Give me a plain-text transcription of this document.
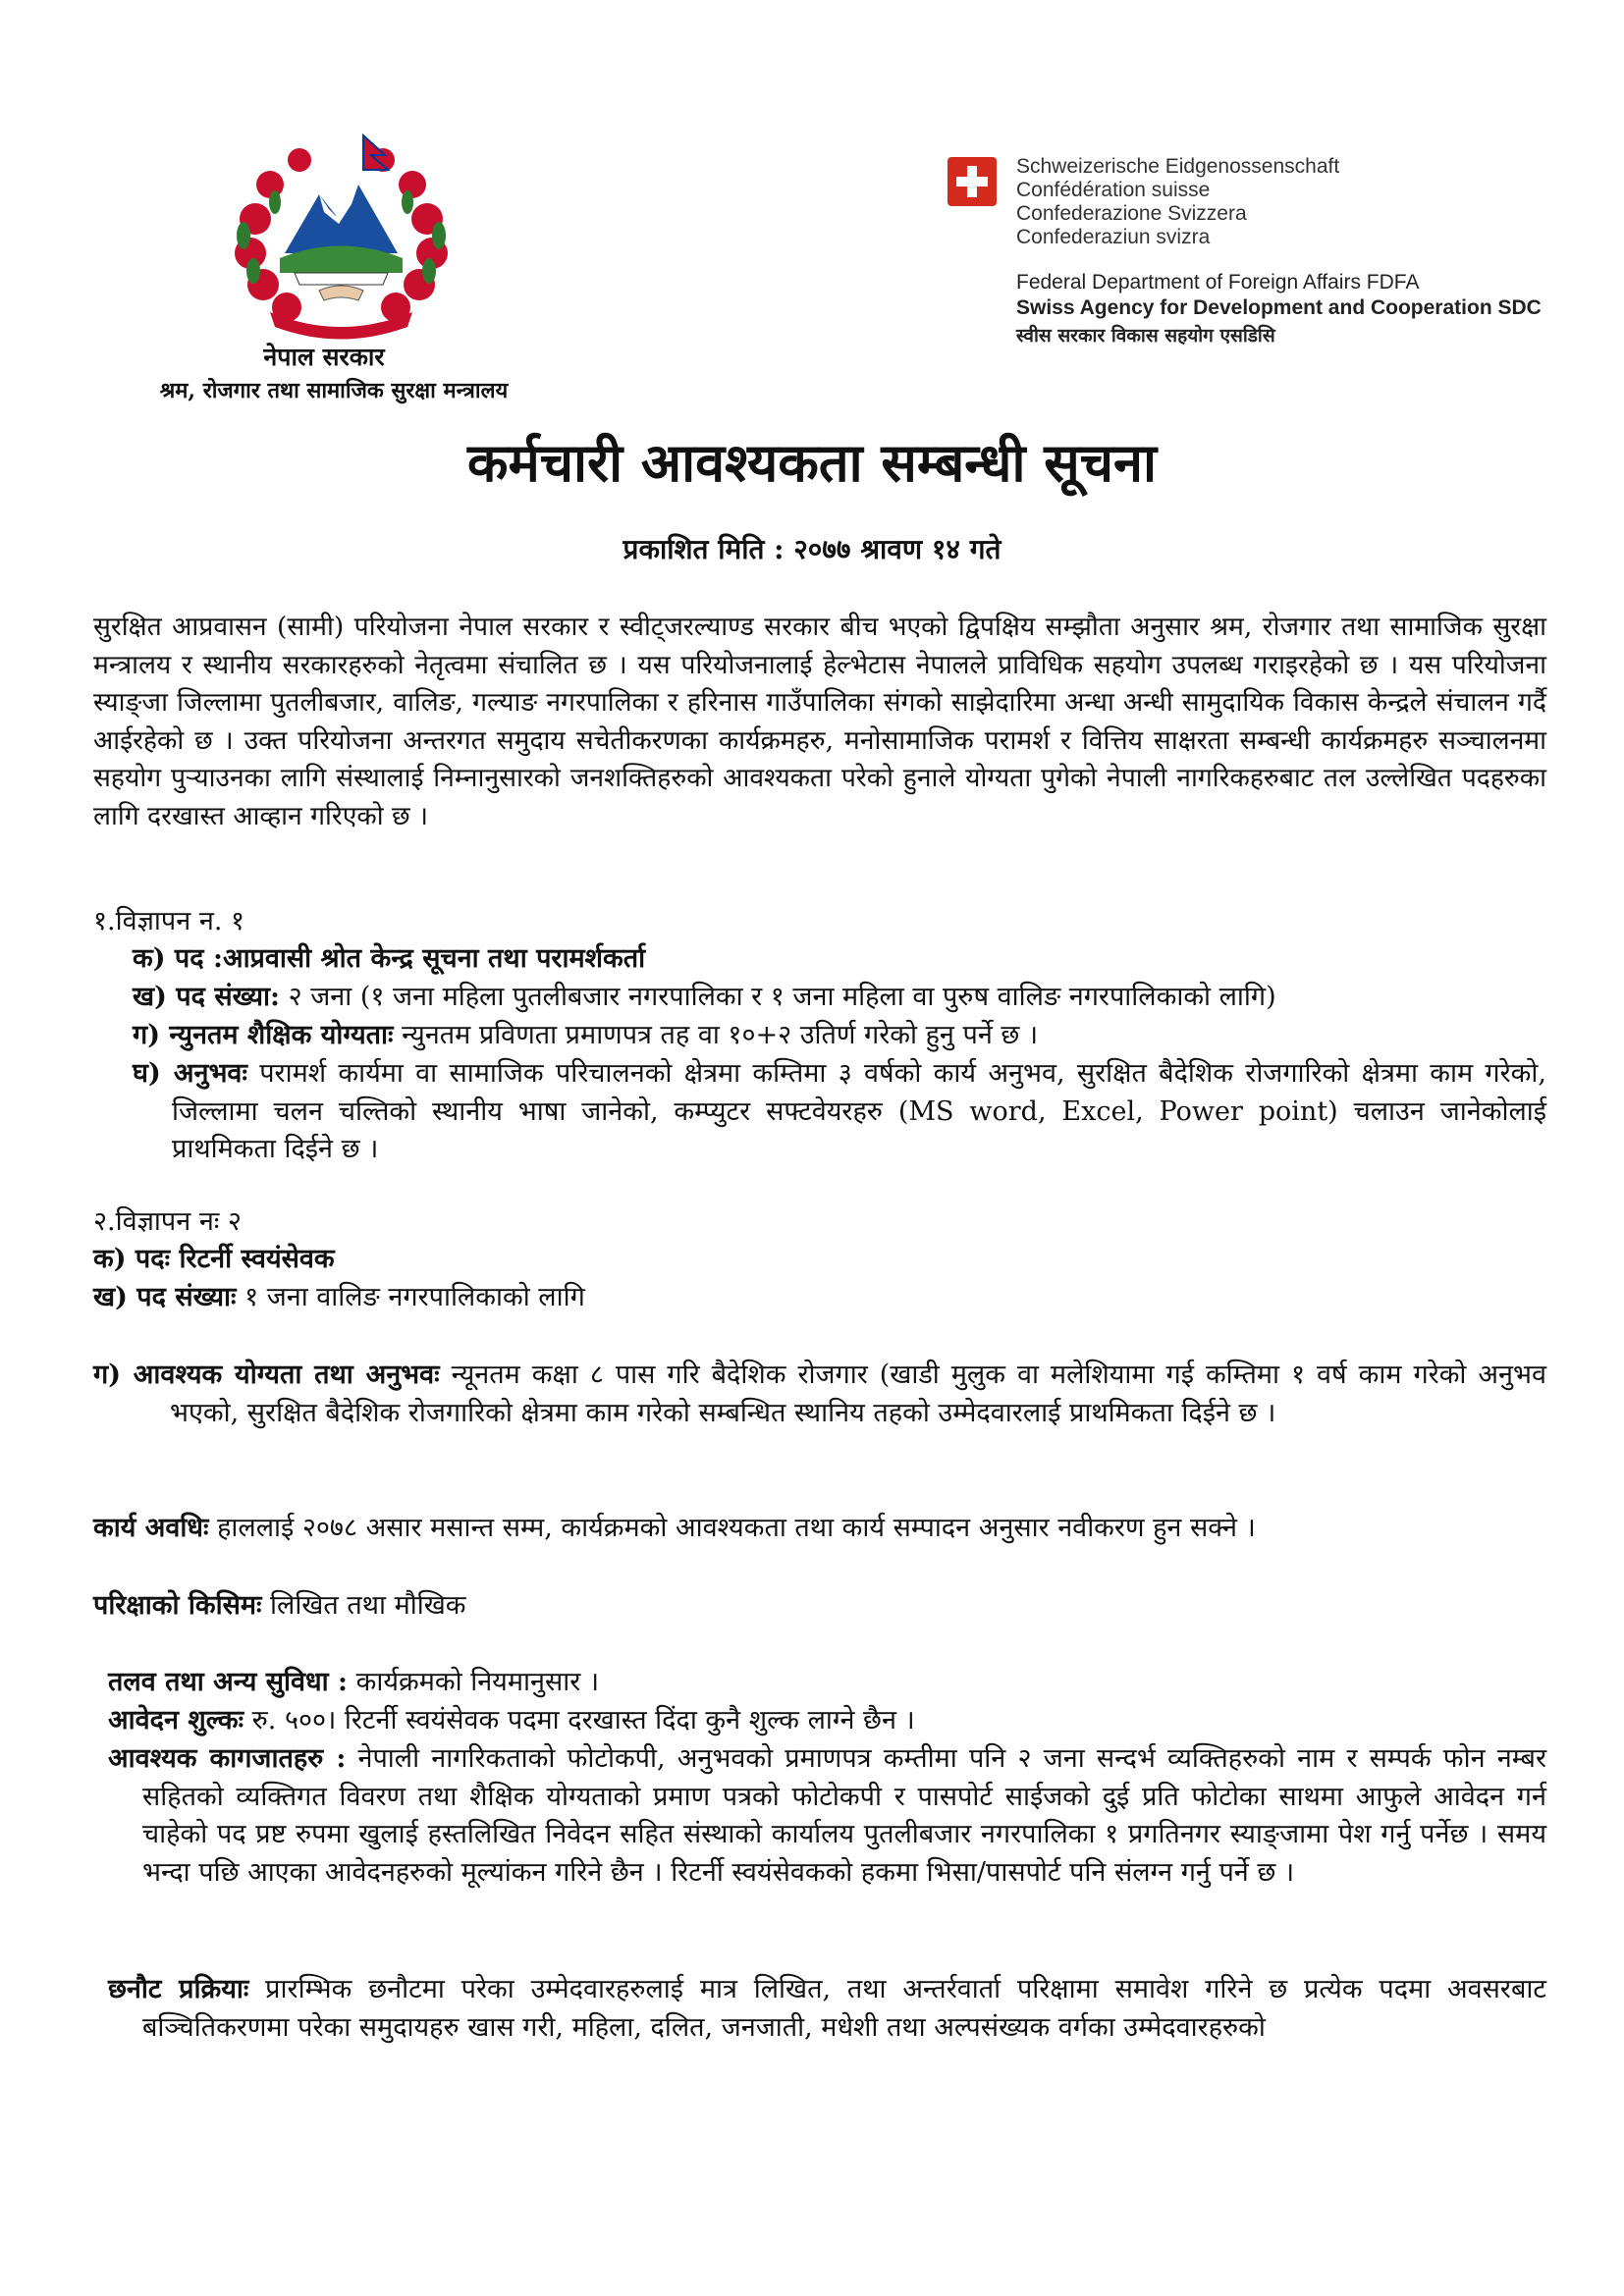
नेपाल सरकार
श्रम, रोजगार तथा सामाजिक सुरक्षा मन्त्रालय
Schweizerische Eidgenossenschaft
Confédération suisse
Confederazione Svizzera
Confederaziun svizra
Federal Department of Foreign Affairs FDFA
Swiss Agency for Development and Cooperation SDC
स्वीस सरकार विकास सहयोग एसडिसि
कर्मचारी आवश्यकता सम्बन्धी सूचना
प्रकाशित मिति : २०७७ श्रावण १४ गते
सुरक्षित आप्रवासन (सामी) परियोजना नेपाल सरकार र स्वीट्जरल्याण्ड सरकार बीच भएको द्विपक्षिय सम्झौता अनुसार श्रम, रोजगार तथा सामाजिक सुरक्षा मन्त्रालय र स्थानीय सरकारहरुको नेतृत्वमा संचालित छ । यस परियोजनालाई हेल्भेटास नेपालले प्राविधिक सहयोग उपलब्ध गराइरहेको छ । यस परियोजना स्याङ्जा जिल्लामा पुतलीबजार, वालिङ, गल्याङ नगरपालिका र हरिनास गाउँपालिका संगको साझेदारिमा अन्धा अन्धी सामुदायिक विकास केन्द्रले संचालन गर्दै आईरहेको छ । उक्त परियोजना अन्तरगत समुदाय सचेतीकरणका कार्यक्रमहरु, मनोसामाजिक परामर्श र वित्तिय साक्षरता सम्बन्धी कार्यक्रमहरु सञ्चालनमा सहयोग पुर्‍याउनका लागि संस्थालाई निम्नानुसारको जनशक्तिहरुको आवश्यकता परेको हुनाले योग्यता पुगेको नेपाली नागरिकहरुबाट तल उल्लेखित पदहरुका लागि दरखास्त आव्हान गरिएको छ ।
१.विज्ञापन न. १
क) पद :आप्रवासी श्रोत केन्द्र सूचना तथा परामर्शकर्ता
ख) पद संख्या: २ जना (१ जना महिला पुतलीबजार नगरपालिका र १ जना महिला वा पुरुष वालिङ नगरपालिकाको लागि)
ग) न्युनतम शैक्षिक योग्यताः न्युनतम प्रविणता प्रमाणपत्र तह वा १०+२ उतिर्ण गरेको हुनु पर्ने छ ।
घ) अनुभवः परामर्श कार्यमा वा सामाजिक परिचालनको क्षेत्रमा कम्तिमा ३ वर्षको कार्य अनुभव, सुरक्षित बैदेशिक रोजगारिको क्षेत्रमा काम गरेको, जिल्लामा चलन चल्तिको स्थानीय भाषा जानेको, कम्प्युटर सफ्टवेयरहरु (MS word, Excel, Power point) चलाउन जानेकोलाई प्राथमिकता दिईने छ ।
२.विज्ञापन नः २
क) पदः रिटर्नी स्वयंसेवक
ख) पद संख्याः १ जना वालिङ नगरपालिकाको लागि
ग) आवश्यक योग्यता तथा अनुभवः न्यूनतम कक्षा ८ पास गरि बैदेशिक रोजगार (खाडी मुलुक वा मलेशियामा गई कम्तिमा १ वर्ष काम गरेको अनुभव भएको, सुरक्षित बैदेशिक रोजगारिको क्षेत्रमा काम गरेको सम्बन्धित स्थानिय तहको उम्मेदवारलाई प्राथमिकता दिईने छ ।
कार्य अवधिः हाललाई २०७८ असार मसान्त सम्म, कार्यक्रमको आवश्यकता तथा कार्य सम्पादन अनुसार नवीकरण हुन सक्ने ।
परिक्षाको किसिमः लिखित तथा मौखिक
तलव तथा अन्य सुविधा : कार्यक्रमको नियमानुसार ।
आवेदन शुल्कः रु. ५००। रिटर्नी स्वयंसेवक पदमा दरखास्त दिंदा कुनै शुल्क लाग्ने छैन ।
आवश्यक कागजातहरु : नेपाली नागरिकताको फोटोकपी, अनुभवको प्रमाणपत्र कम्तीमा पनि २ जना सन्दर्भ व्यक्तिहरुको नाम र सम्पर्क फोन नम्बर सहितको व्यक्तिगत विवरण तथा शैक्षिक योग्यताको प्रमाण पत्रको फोटोकपी र पासपोर्ट साईजको दुई प्रति फोटोका साथमा आफुले आवेदन गर्न चाहेको पद प्रष्ट रुपमा खुलाई हस्तलिखित निवेदन सहित संस्थाको कार्यालय पुतलीबजार नगरपालिका १ प्रगतिनगर स्याङ्जामा पेश गर्नु पर्नेछ । समय भन्दा पछि आएका आवेदनहरुको मूल्यांकन गरिने छैन । रिटर्नी स्वयंसेवकको हकमा भिसा/पासपोर्ट पनि संलग्न गर्नु पर्ने छ ।
छनौट प्रक्रियाः प्रारम्भिक छनौटमा परेका उम्मेदवारहरुलाई मात्र लिखित, तथा अन्तर्रवार्ता परिक्षामा समावेश गरिने छ प्रत्येक पदमा अवसरबाट बञ्चितिकरणमा परेका समुदायहरु खास गरी, महिला, दलित, जनजाती, मधेशी तथा अल्पसंख्यक वर्गका उम्मेदवारहरुको
